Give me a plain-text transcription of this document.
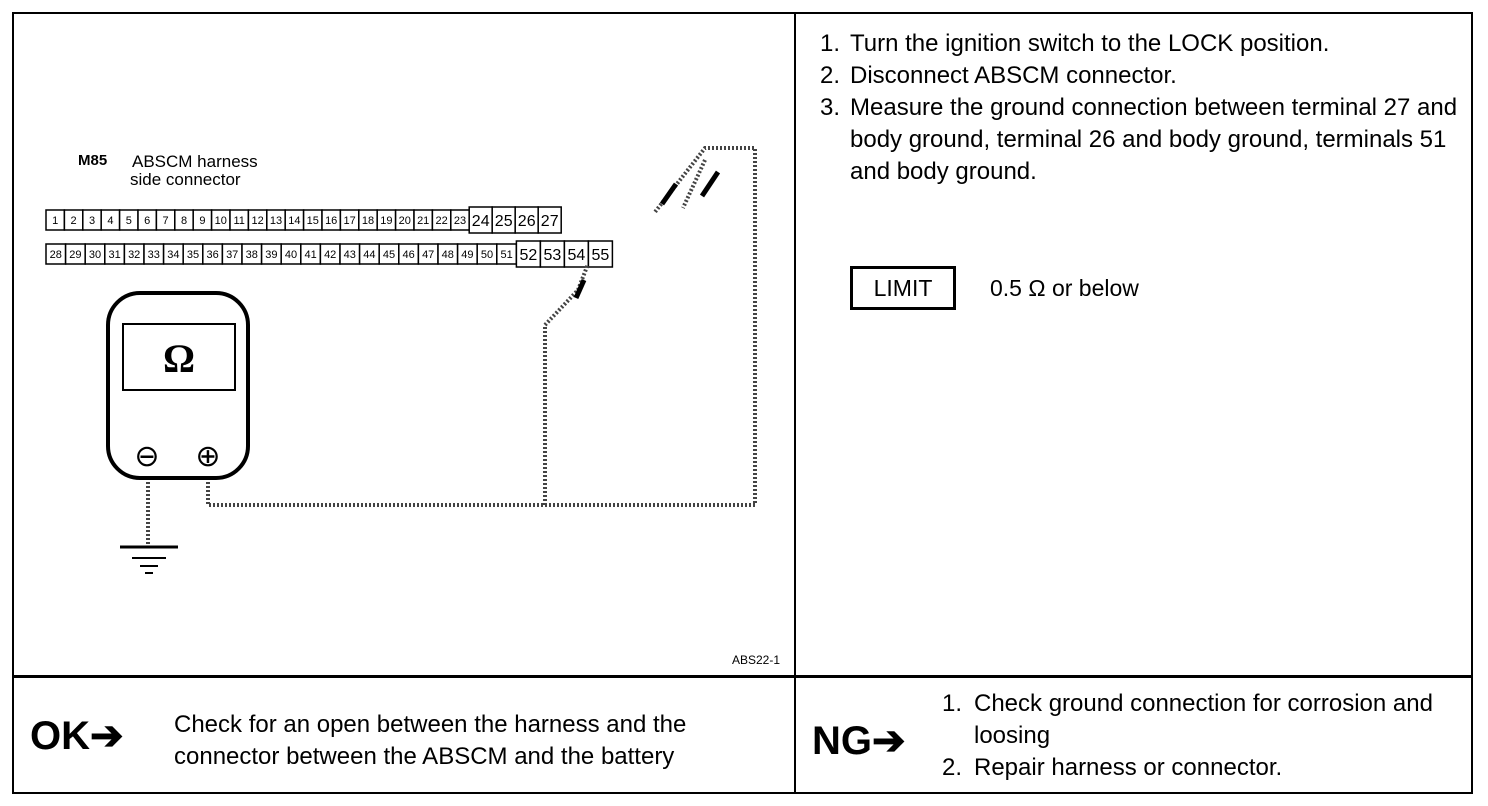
M85 ABSCM harness
side connector
1 2 3 4 5 6 7 8 9 10 11 12 13 14 15 16 17 18 19 20 21 22 23 24 25 26 27
28 29 30 31 32 33 34 35 36 37 38 39 40 41 42 43 44 45 46 47 48 49 50 51 52 53 54 55
Ω
⊖ ⊕
ABS22-1
1. Turn the ignition switch to the LOCK position.
2. Disconnect ABSCM connector.
3. Measure the ground connection between terminal 27 and body ground, terminal 26 and body ground, terminals 51 and body ground.
LIMIT	0.5 Ω or below
OK➔ Check for an open between the harness and the connector between the ABSCM and the battery	NG➔
1. Check ground connection for corrosion and loosing
2. Repair harness or connector.
